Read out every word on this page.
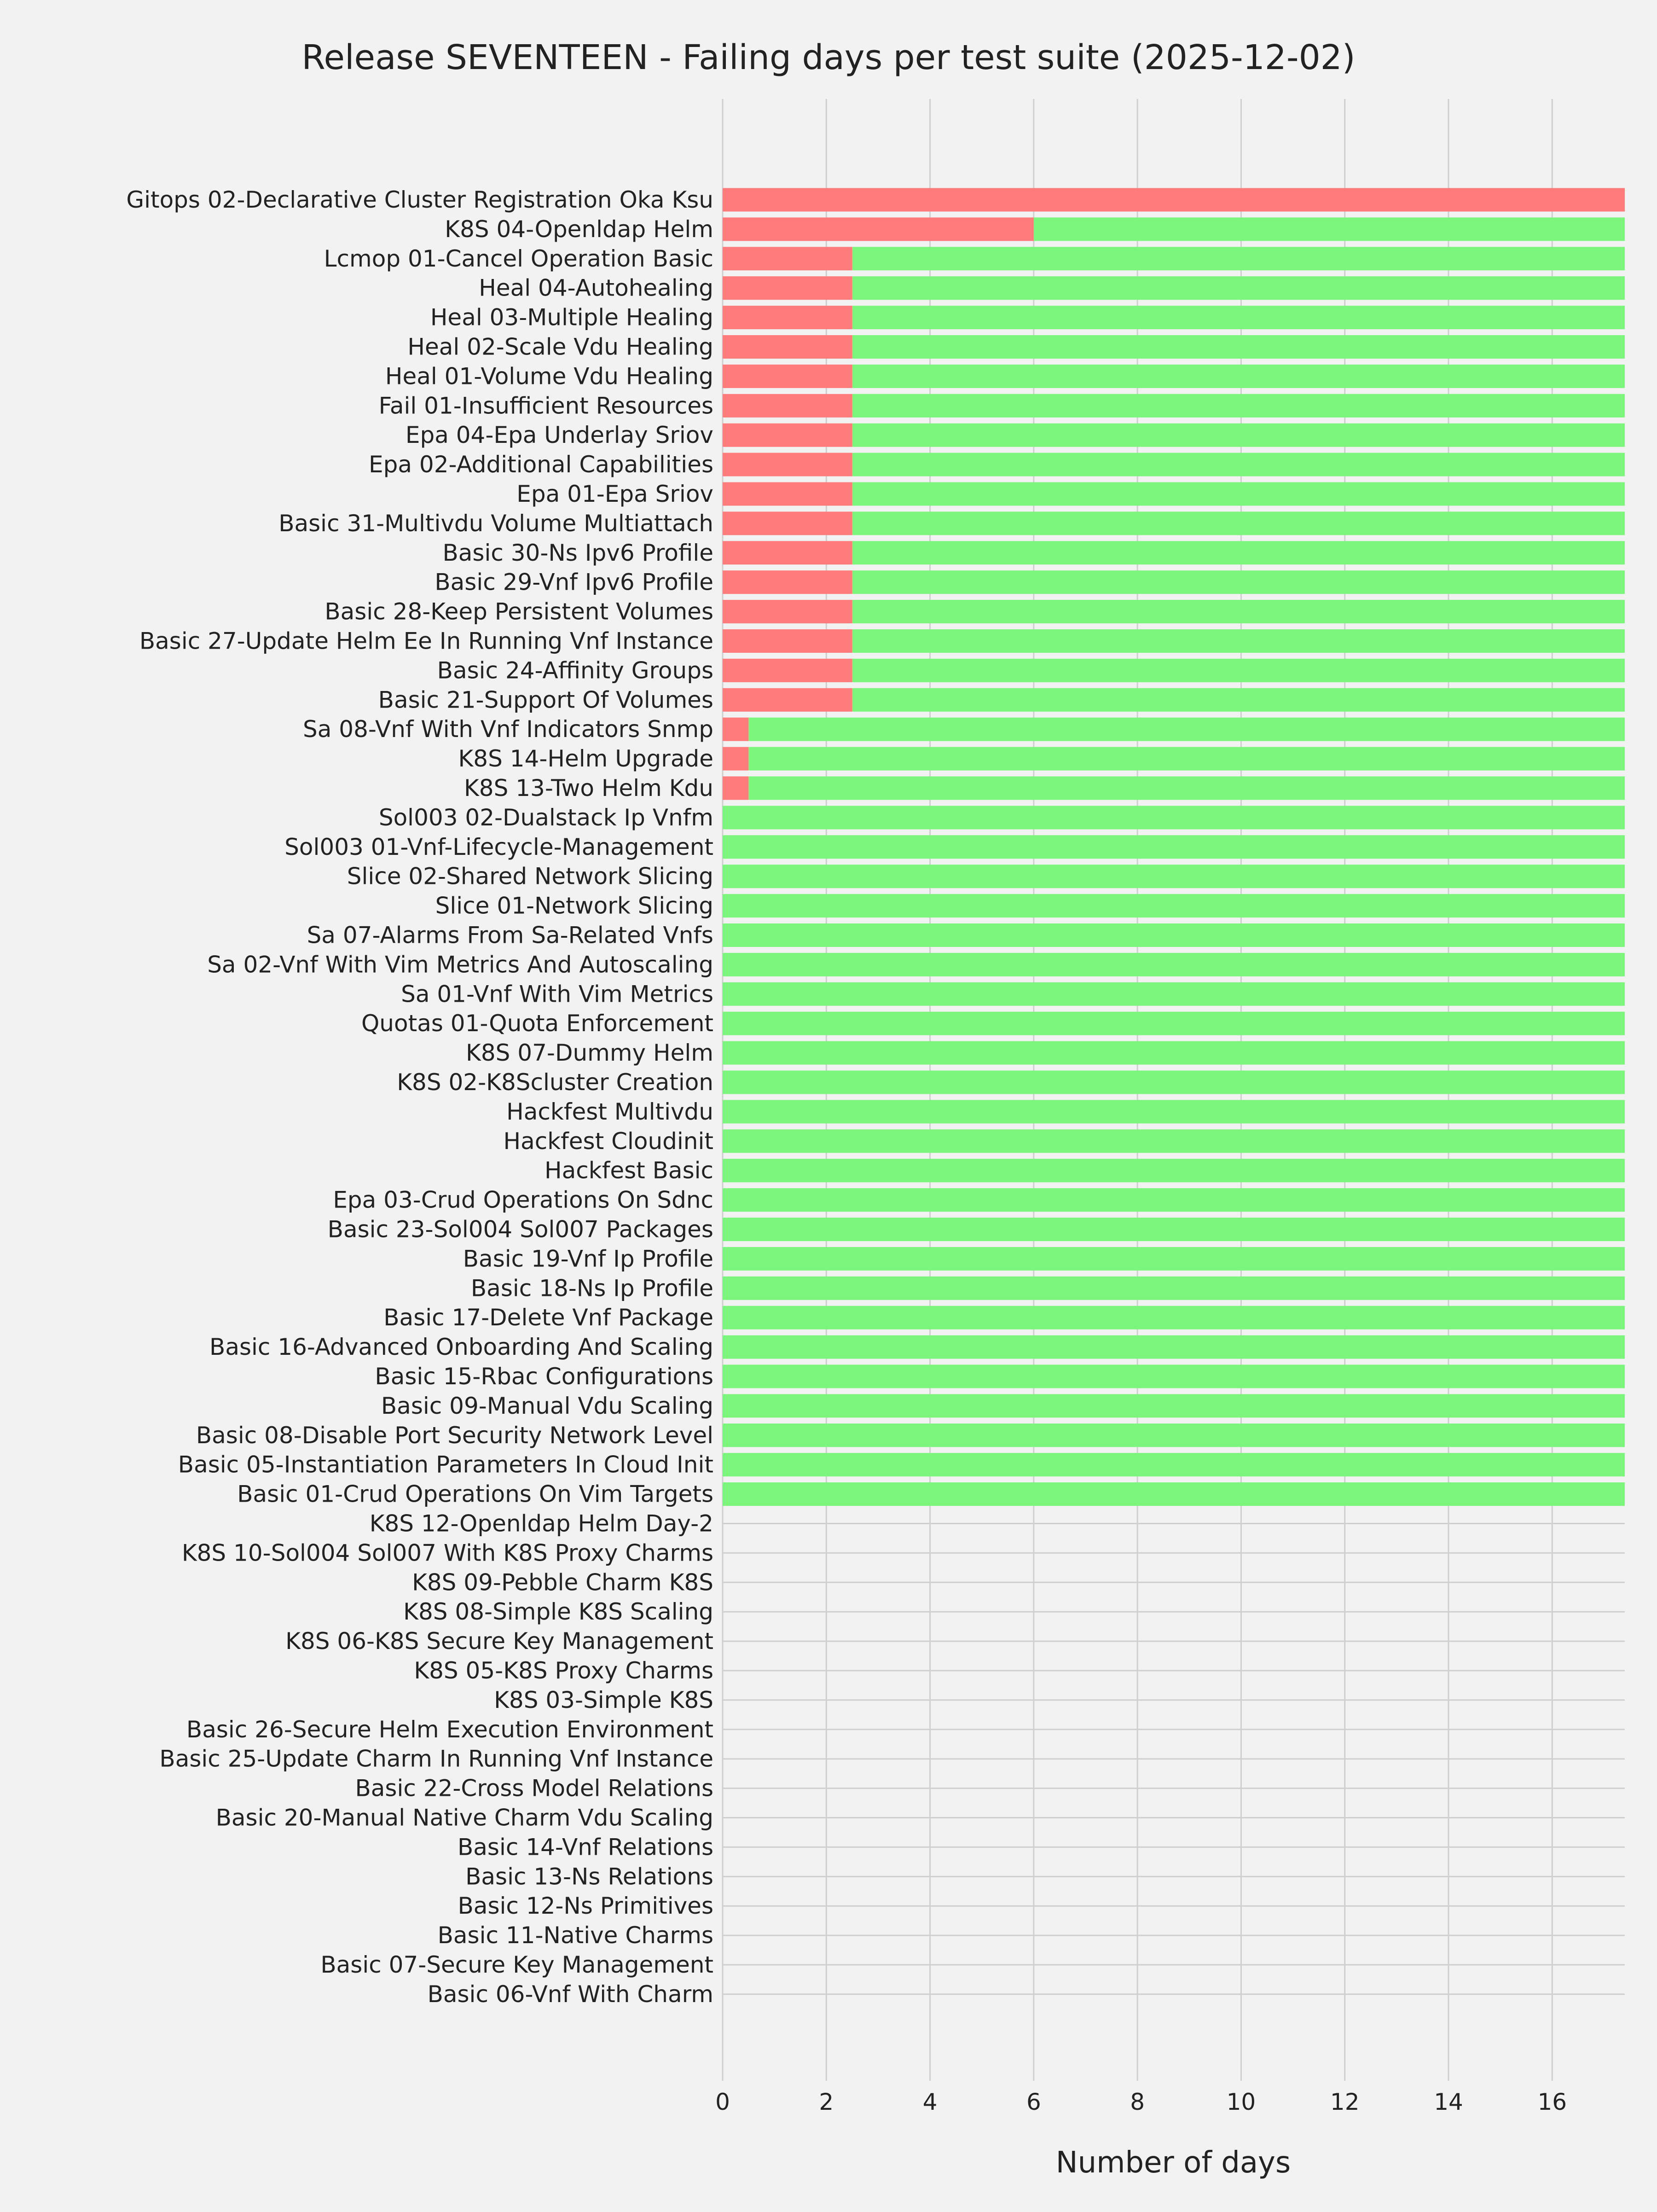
Gitops 02-Declarative Cluster Registration Oka Ksu
K8S 04-Openldap Helm
Lcmop 01-Cancel Operation Basic
Heal 04-Autohealing
Heal 03-Multiple Healing
Heal 02-Scale Vdu Healing
Heal 01-Volume Vdu Healing
Fail 01-Insufficient Resources
Epa 04-Epa Underlay Sriov
Epa 02-Additional Capabilities
Epa 01-Epa Sriov
Basic 31-Multivdu Volume Multiattach
Basic 30-Ns Ipv6 Profile
Basic 29-Vnf Ipv6 Profile
Basic 28-Keep Persistent Volumes
Basic 27-Update Helm Ee In Running Vnf Instance
Basic 24-Affinity Groups
Basic 21-Support Of Volumes
Sa 08-Vnf With Vnf Indicators Snmp
K8S 14-Helm Upgrade
K8S 13-Two Helm Kdu
Sol003 02-Dualstack Ip Vnfm
Sol003 01-Vnf-Lifecycle-Management
Slice 02-Shared Network Slicing
Slice 01-Network Slicing
Sa 07-Alarms From Sa-Related Vnfs
Sa 02-Vnf With Vim Metrics And Autoscaling
Sa 01-Vnf With Vim Metrics
Quotas 01-Quota Enforcement
K8S 07-Dummy Helm
K8S 02-K8Scluster Creation
Hackfest Multivdu
Hackfest Cloudinit
Hackfest Basic
Epa 03-Crud Operations On Sdnc
Basic 23-Sol004 Sol007 Packages
Basic 19-Vnf Ip Profile
Basic 18-Ns Ip Profile
Basic 17-Delete Vnf Package
Basic 16-Advanced Onboarding And Scaling
Basic 15-Rbac Configurations
Basic 09-Manual Vdu Scaling
Basic 08-Disable Port Security Network Level
Basic 05-Instantiation Parameters In Cloud Init
Basic 01-Crud Operations On Vim Targets
K8S 12-Openldap Helm Day-2
K8S 10-Sol004 Sol007 With K8S Proxy Charms
K8S 09-Pebble Charm K8S
K8S 08-Simple K8S Scaling
K8S 06-K8S Secure Key Management
K8S 05-K8S Proxy Charms
K8S 03-Simple K8S
Basic 26-Secure Helm Execution Environment
Basic 25-Update Charm In Running Vnf Instance
Basic 22-Cross Model Relations
Basic 20-Manual Native Charm Vdu Scaling
Basic 14-Vnf Relations
Basic 13-Ns Relations
Basic 12-Ns Primitives
Basic 11-Native Charms
Basic 07-Secure Key Management
Basic 06-Vnf With Charm
0	2	4	6	8	10	12	14	16
Release SEVENTEEN - Failing days per test suite (2025-12-02)
Number of days
